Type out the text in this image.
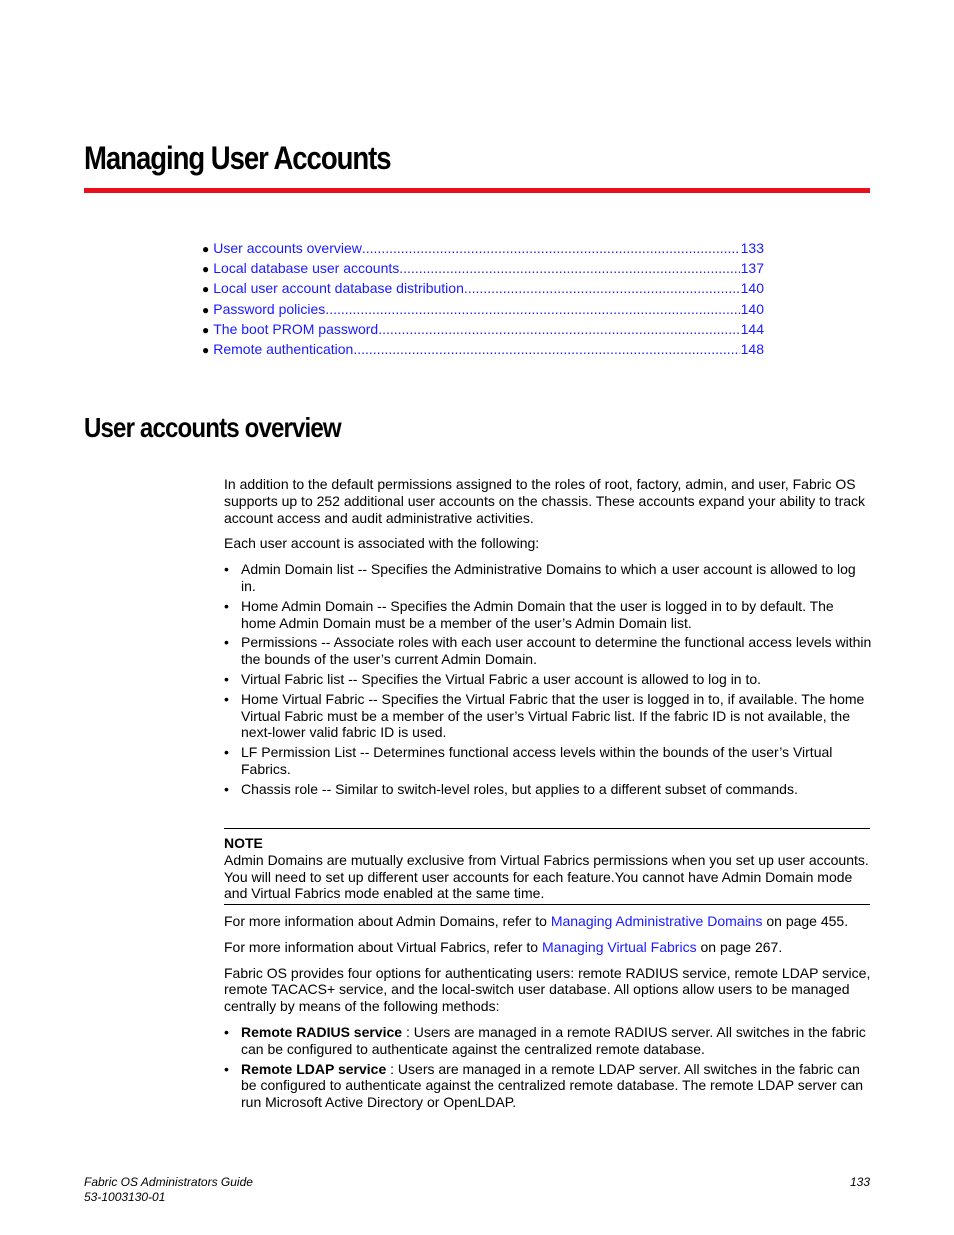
Managing User Accounts
● User accounts overview .....	133
● Local database user accounts .....	137
● Local user account database distribution .....	140
● Password policies .....	140
● The boot PROM password .....	144
● Remote authentication .....	148
User accounts overview

In addition to the default permissions assigned to the roles of root, factory, admin, and user, Fabric OS supports up to 252 additional user accounts on the chassis. These accounts expand your ability to track account access and audit administrative activities.

Each user account is associated with the following:

• Admin Domain list -- Specifies the Administrative Domains to which a user account is allowed to log in.
• Home Admin Domain -- Specifies the Admin Domain that the user is logged in to by default. The home Admin Domain must be a member of the user’s Admin Domain list.
• Permissions -- Associate roles with each user account to determine the functional access levels within the bounds of the user’s current Admin Domain.
• Virtual Fabric list -- Specifies the Virtual Fabric a user account is allowed to log in to.
• Home Virtual Fabric -- Specifies the Virtual Fabric that the user is logged in to, if available. The home Virtual Fabric must be a member of the user’s Virtual Fabric list. If the fabric ID is not available, the next-lower valid fabric ID is used.
• LF Permission List -- Determines functional access levels within the bounds of the user’s Virtual Fabrics.
• Chassis role -- Similar to switch-level roles, but applies to a different subset of commands.
NOTE
Admin Domains are mutually exclusive from Virtual Fabrics permissions when you set up user accounts. You will need to set up different user accounts for each feature.You cannot have Admin Domain mode and Virtual Fabrics mode enabled at the same time.

For more information about Admin Domains, refer to Managing Administrative Domains on page 455.

For more information about Virtual Fabrics, refer to Managing Virtual Fabrics on page 267.

Fabric OS provides four options for authenticating users: remote RADIUS service, remote LDAP service, remote TACACS+ service, and the local-switch user database. All options allow users to be managed centrally by means of the following methods:

• Remote RADIUS service : Users are managed in a remote RADIUS server. All switches in the fabric can be configured to authenticate against the centralized remote database.
• Remote LDAP service : Users are managed in a remote LDAP server. All switches in the fabric can be configured to authenticate against the centralized remote database. The remote LDAP server can run Microsoft Active Directory or OpenLDAP.
Fabric OS Administrators Guide
53-1003130-01
133
